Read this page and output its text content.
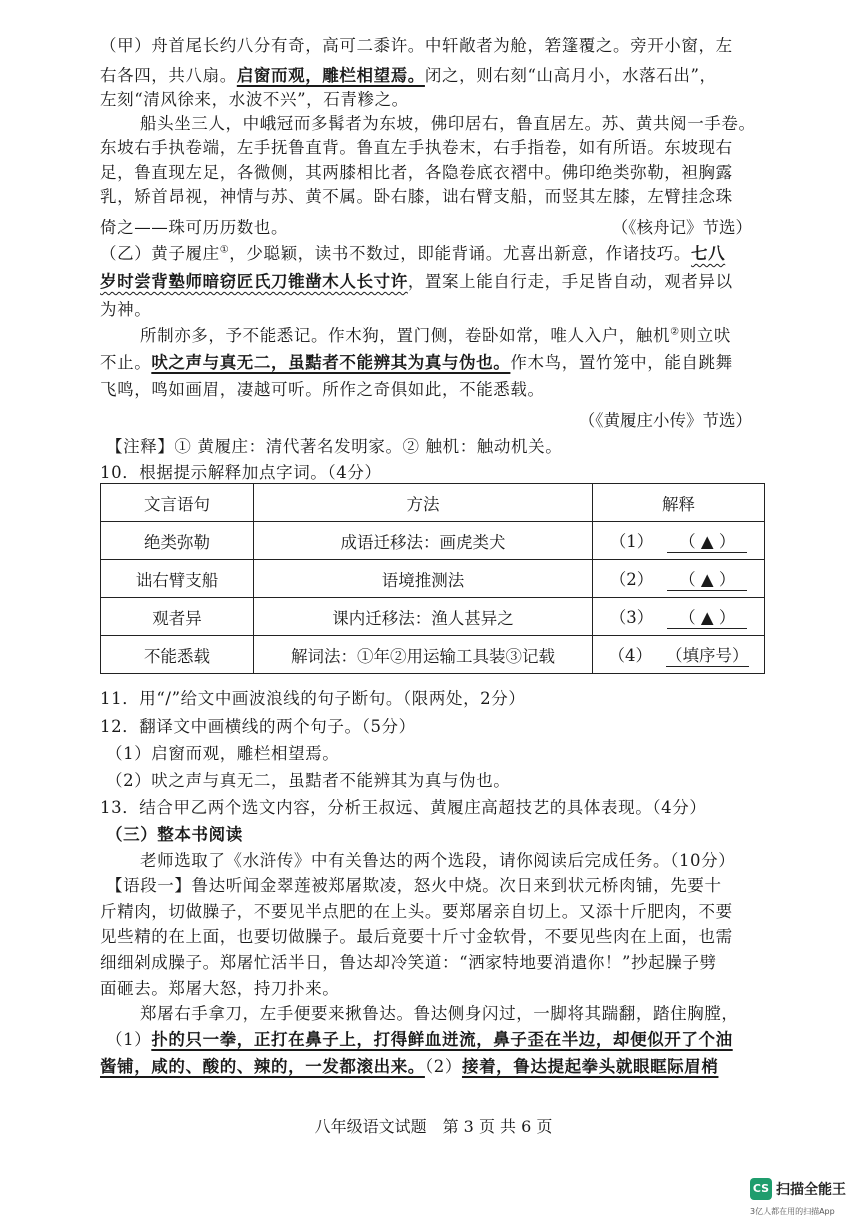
（甲）舟首尾长约八分有奇，高可二黍许。中轩敞者为舱，箬篷覆之。旁开小窗，左
右各四，共八扇。启窗而观，雕栏相望焉。闭之，则右刻“山高月小，水落石出”，
左刻“清风徐来，水波不兴”，石青糁之。
船头坐三人，中峨冠而多髯者为东坡，佛印居右，鲁直居左。苏、黄共阅一手卷。
东坡右手执卷端，左手抚鲁直背。鲁直左手执卷末，右手指卷，如有所语。东坡现右
足，鲁直现左足，各微侧，其两膝相比者，各隐卷底衣褶中。佛印绝类弥勒，袒胸露
乳，矫首昂视，神情与苏、黄不属。卧右膝，诎右臂支船，而竖其左膝，左臂挂念珠
倚之——珠可历历数也。	（《核舟记》节选）
（乙）黄子履庄①，少聪颖，读书不数过，即能背诵。尤喜出新意，作诸技巧。七八
岁时尝背塾师暗窃匠氏刀锥凿木人长寸许，置案上能自行走，手足皆自动，观者异以
为神。
所制亦多，予不能悉记。作木狗，置门侧，卷卧如常，唯人入户，触机②则立吠
不止。吠之声与真无二，虽黠者不能辨其为真与伪也。作木鸟，置竹笼中，能自跳舞
飞鸣，鸣如画眉，凄越可听。所作之奇俱如此，不能悉载。
（《黄履庄小传》节选）
【注释】① 黄履庄：清代著名发明家。② 触机：触动机关。
10．根据提示解释加点字词。（4分）
文言语句	方法	解释
绝类弥勒	成语迁移法：画虎类犬	（1） （ ▲ ）
诎右臂支船	语境推测法	（2） （ ▲ ）
观者异	课内迁移法：渔人甚异之	（3） （ ▲ ）
不能悉载	解词法：①年②用运输工具装③记载	（4） （填序号）
11．用“/”给文中画波浪线的句子断句。（限两处，2分）
12．翻译文中画横线的两个句子。（5分）
（1）启窗而观，雕栏相望焉。
（2）吠之声与真无二，虽黠者不能辨其为真与伪也。
13．结合甲乙两个选文内容，分析王叔远、黄履庄高超技艺的具体表现。（4分）
（三）整本书阅读
老师选取了《水浒传》中有关鲁达的两个选段，请你阅读后完成任务。（10分）
【语段一】鲁达听闻金翠莲被郑屠欺凌，怒火中烧。次日来到状元桥肉铺，先要十
斤精肉，切做臊子，不要见半点肥的在上头。要郑屠亲自切上。又添十斤肥肉，不要
见些精的在上面，也要切做臊子。最后竟要十斤寸金软骨，不要见些肉在上面，也需
细细剁成臊子。郑屠忙活半日，鲁达却冷笑道：“洒家特地要消遣你！”抄起臊子劈
面砸去。郑屠大怒，持刀扑来。
郑屠右手拿刀，左手便要来揪鲁达。鲁达侧身闪过，一脚将其踹翻，踏住胸膛，
（1）扑的只一拳，正打在鼻子上，打得鲜血迸流，鼻子歪在半边，却便似开了个油
酱铺，咸的、酸的、辣的，一发都滚出来。（2）接着，鲁达提起拳头就眼眶际眉梢
八年级语文试题　第 3 页 共 6 页
CS 扫描全能王
3亿人都在用的扫描App
